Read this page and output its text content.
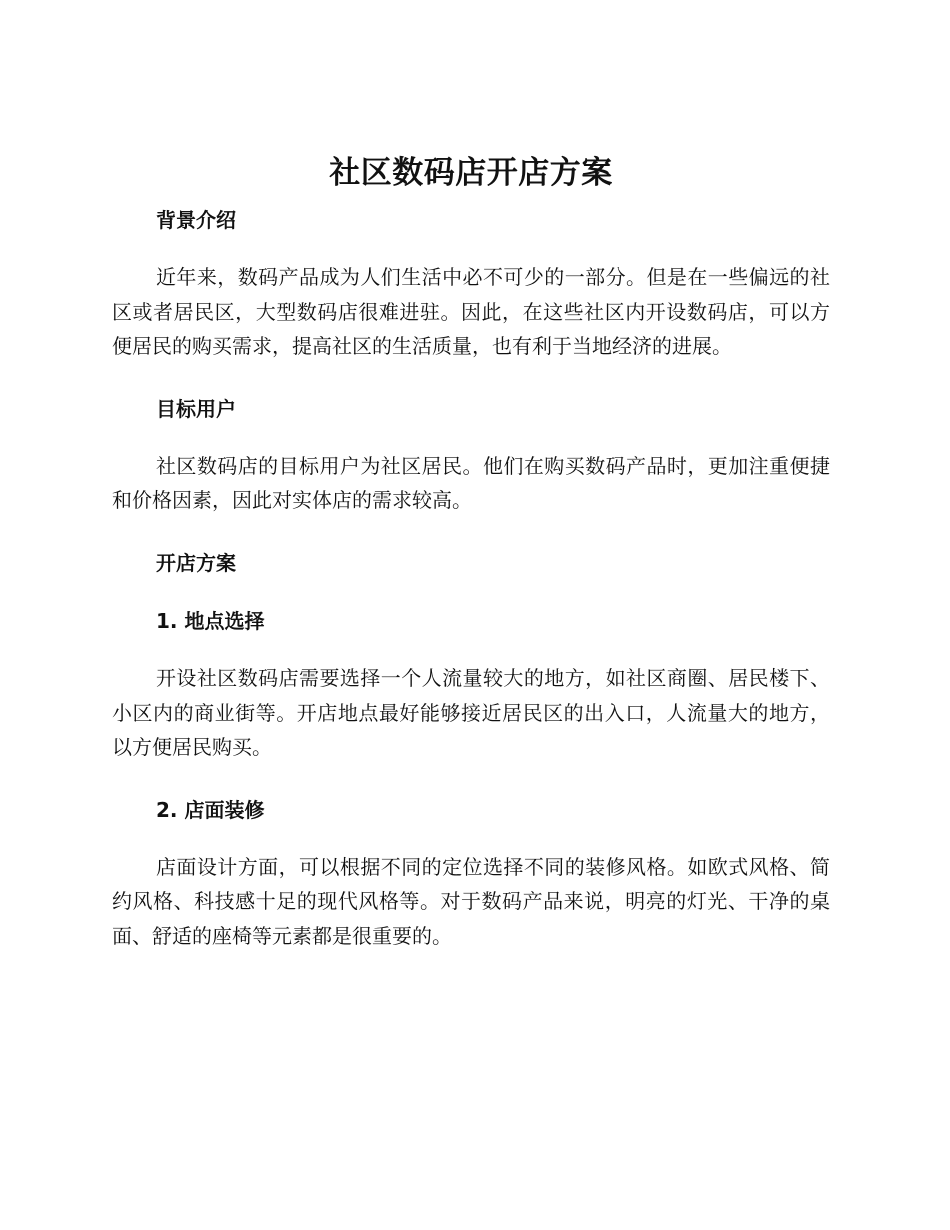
社区数码店开店方案
背景介绍

近年来，数码产品成为人们生活中必不可少的一部分。但是在一些偏远的社区或者居民区，大型数码店很难进驻。因此，在这些社区内开设数码店，可以方便居民的购买需求，提高社区的生活质量，也有利于当地经济的进展。

目标用户

社区数码店的目标用户为社区居民。他们在购买数码产品时，更加注重便捷和价格因素，因此对实体店的需求较高。

开店方案
1. 地点选择

开设社区数码店需要选择一个人流量较大的地方，如社区商圈、居民楼下、小区内的商业街等。开店地点最好能够接近居民区的出入口，人流量大的地方，以方便居民购买。

2. 店面装修

店面设计方面，可以根据不同的定位选择不同的装修风格。如欧式风格、简约风格、科技感十足的现代风格等。对于数码产品来说，明亮的灯光、干净的桌面、舒适的座椅等元素都是很重要的。
